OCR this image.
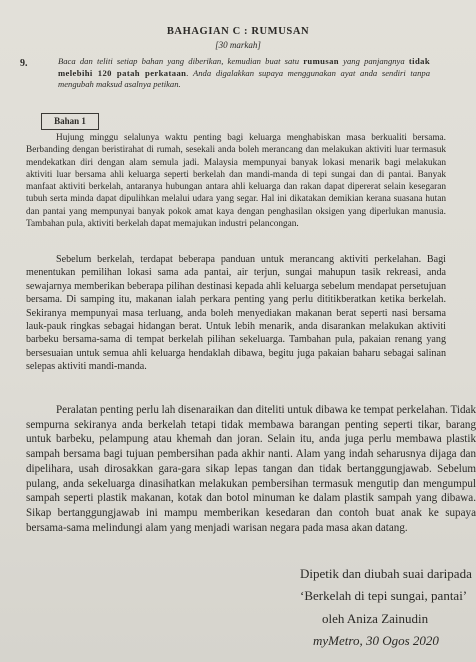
BAHAGIAN C : RUMUSAN
[30 markah]
9.	Baca dan teliti setiap bahan yang diberikan, kemudian buat satu rumusan yang panjangnya tidak melebihi 120 patah perkataan. Anda digalakkan supaya menggunakan ayat anda sendiri tanpa mengubah maksud asalnya petikan.
Bahan 1

Hujung minggu selalunya waktu penting bagi keluarga menghabiskan masa berkualiti bersama. Berbanding dengan beristirahat di rumah, sesekali anda boleh merancang dan melakukan aktiviti luar termasuk mendekatkan diri dengan alam semula jadi. Malaysia mempunyai banyak lokasi menarik bagi melakukan aktiviti luar bersama ahli keluarga seperti berkelah dan mandi-manda di tepi sungai dan di pantai. Banyak manfaat aktiviti berkelah, antaranya hubungan antara ahli keluarga dan rakan dapat dipererat selain kesegaran tubuh serta minda dapat dipulihkan melalui udara yang segar. Hal ini dikatakan demikian kerana suasana hutan dan pantai yang mempunyai banyak pokok amat kaya dengan penghasilan oksigen yang diperlukan manusia. Tambahan pula, aktiviti berkelah dapat memajukan industri pelancongan.

Sebelum berkelah, terdapat beberapa panduan untuk merancang aktiviti perkelahan. Bagi menentukan pemilihan lokasi sama ada pantai, air terjun, sungai mahupun tasik rekreasi, anda sewajarnya memberikan beberapa pilihan destinasi kepada ahli keluarga sebelum mendapat persetujuan bersama. Di samping itu, makanan ialah perkara penting yang perlu dititikberatkan ketika berkelah. Sekiranya mempunyai masa terluang, anda boleh menyediakan makanan berat seperti nasi bersama lauk-pauk ringkas sebagai hidangan berat. Untuk lebih menarik, anda disarankan melakukan aktiviti barbeku bersama-sama di tempat berkelah pilihan sekeluarga. Tambahan pula, pakaian renang yang bersesuaian untuk semua ahli keluarga hendaklah dibawa, begitu juga pakaian baharu sebagai salinan selepas aktiviti mandi-manda.

Peralatan penting perlu lah disenaraikan dan diteliti untuk dibawa ke tempat perkelahan. Tidak sempurna sekiranya anda berkelah tetapi tidak membawa barangan penting seperti tikar, barang untuk barbeku, pelampung atau khemah dan joran. Selain itu, anda juga perlu membawa plastik sampah bersama bagi tujuan pembersihan pada akhir nanti. Alam yang indah seharusnya dijaga dan dipelihara, usah dirosakkan gara-gara sikap lepas tangan dan tidak bertanggungjawab. Sebelum pulang, anda sekeluarga dinasihatkan melakukan pembersihan termasuk mengutip dan mengumpul sampah seperti plastik makanan, kotak dan botol minuman ke dalam plastik sampah yang dibawa. Sikap bertanggungjawab ini mampu memberikan kesedaran dan contoh buat anak ke supaya bersama-sama melindungi alam yang menjadi warisan negara pada masa akan datang.

Dipetik dan diubah suai daripada
‘Berkelah di tepi sungai, pantai’
oleh Aniza Zainudin
myMetro, 30 Ogos 2020
